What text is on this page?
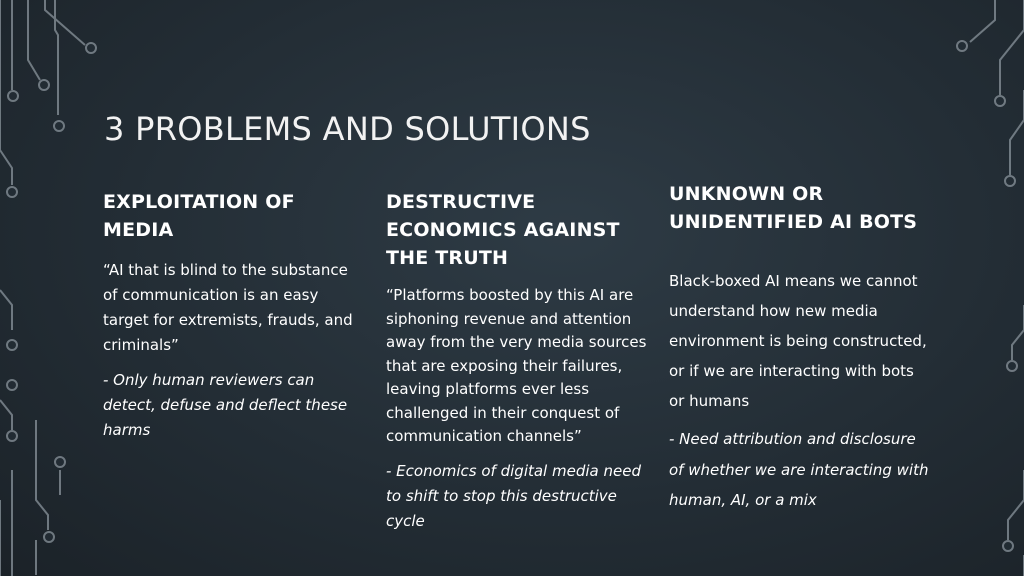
3 PROBLEMS AND SOLUTIONS
EXPLOITATION OF MEDIA

“AI that is blind to the substance of communication is an easy target for extremists, frauds, and criminals”

- Only human reviewers can detect, defuse and deflect these harms

DESTRUCTIVE ECONOMICS AGAINST THE TRUTH

“Platforms boosted by this AI are siphoning revenue and attention away from the very media sources that are exposing their failures, leaving platforms ever less challenged in their conquest of communication channels”

- Economics of digital media need to shift to stop this destructive cycle

UNKNOWN OR UNIDENTIFIED AI BOTS

Black-boxed AI means we cannot understand how new media environment is being constructed, or if we are interacting with bots or humans

- Need attribution and disclosure of whether we are interacting with human, AI, or a mix
